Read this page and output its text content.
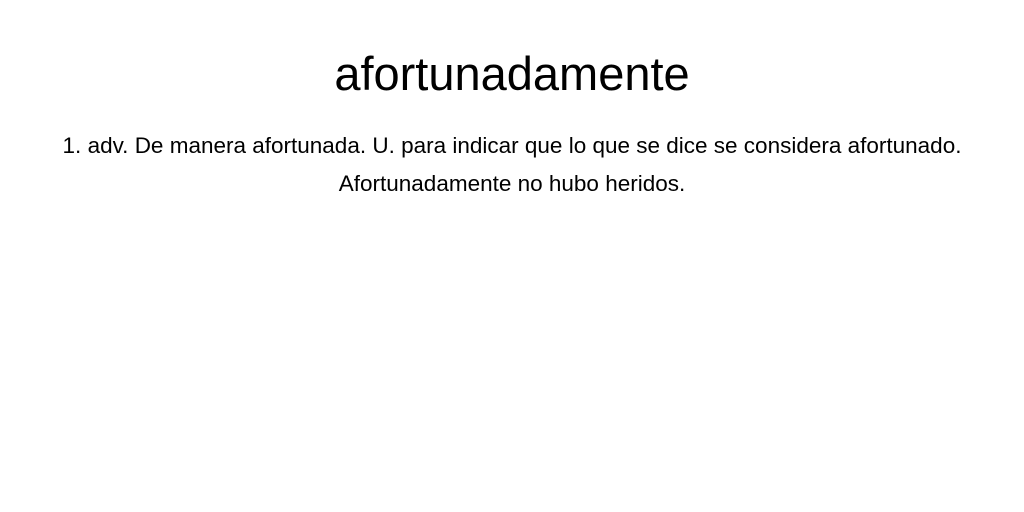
afortunadamente

1. adv. De manera afortunada. U. para indicar que lo que se dice se considera afortunado. Afortunadamente no hubo heridos.
